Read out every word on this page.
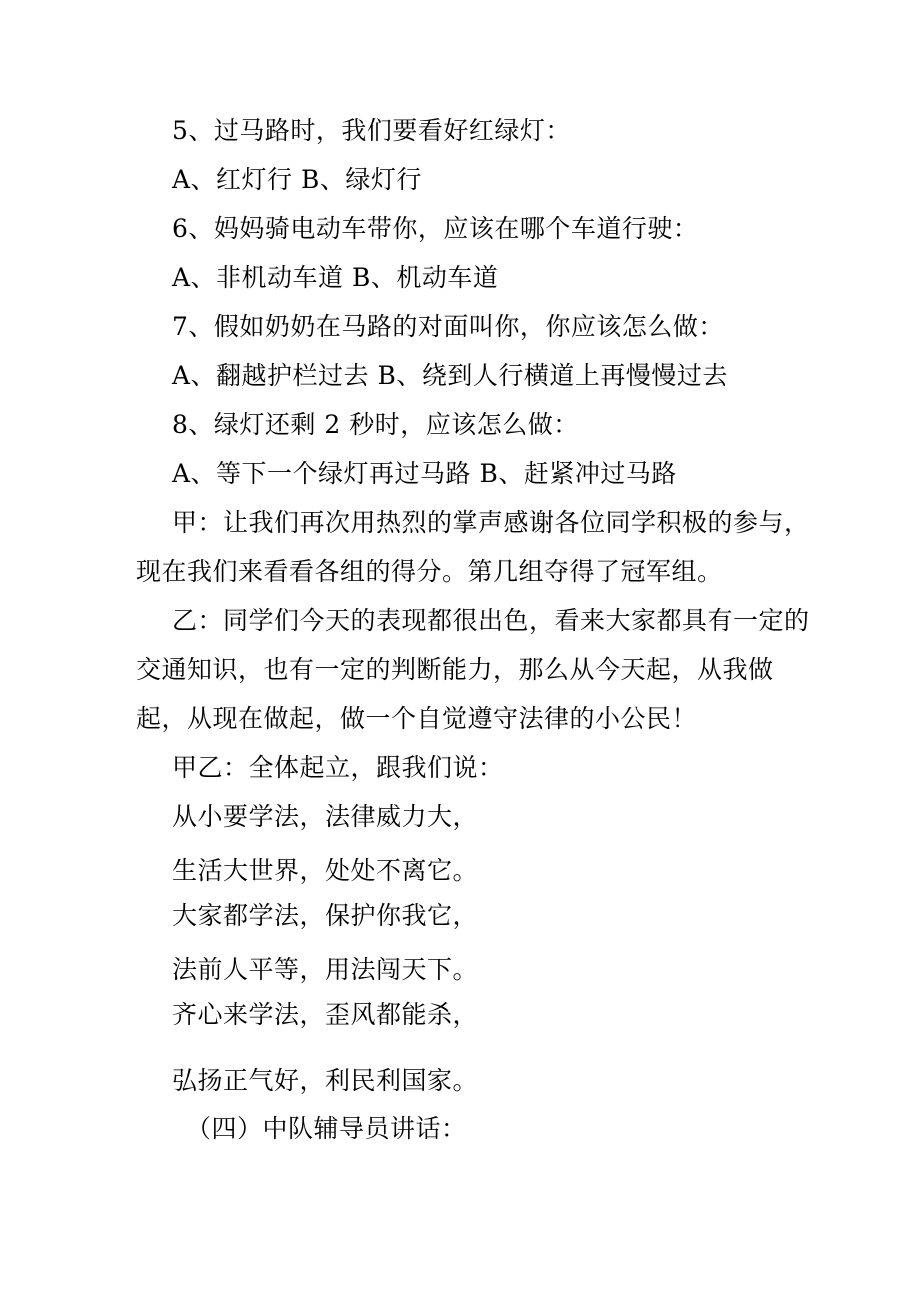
5、过马路时，我们要看好红绿灯：
A、红灯行 B、绿灯行
6、妈妈骑电动车带你，应该在哪个车道行驶：
A、非机动车道 B、机动车道
7、假如奶奶在马路的对面叫你，你应该怎么做：
A、翻越护栏过去 B、绕到人行横道上再慢慢过去
8、绿灯还剩 2 秒时，应该怎么做：
A、等下一个绿灯再过马路 B、赶紧冲过马路
甲：让我们再次用热烈的掌声感谢各位同学积极的参与，
现在我们来看看各组的得分。第几组夺得了冠军组。
乙：同学们今天的表现都很出色，看来大家都具有一定的
交通知识，也有一定的判断能力，那么从今天起，从我做
起，从现在做起，做一个自觉遵守法律的小公民！
甲乙：全体起立，跟我们说：
从小要学法，法律威力大，
生活大世界，处处不离它。
大家都学法，保护你我它，
法前人平等，用法闯天下。
齐心来学法，歪风都能杀，
弘扬正气好，利民利国家。
（四）中队辅导员讲话：
